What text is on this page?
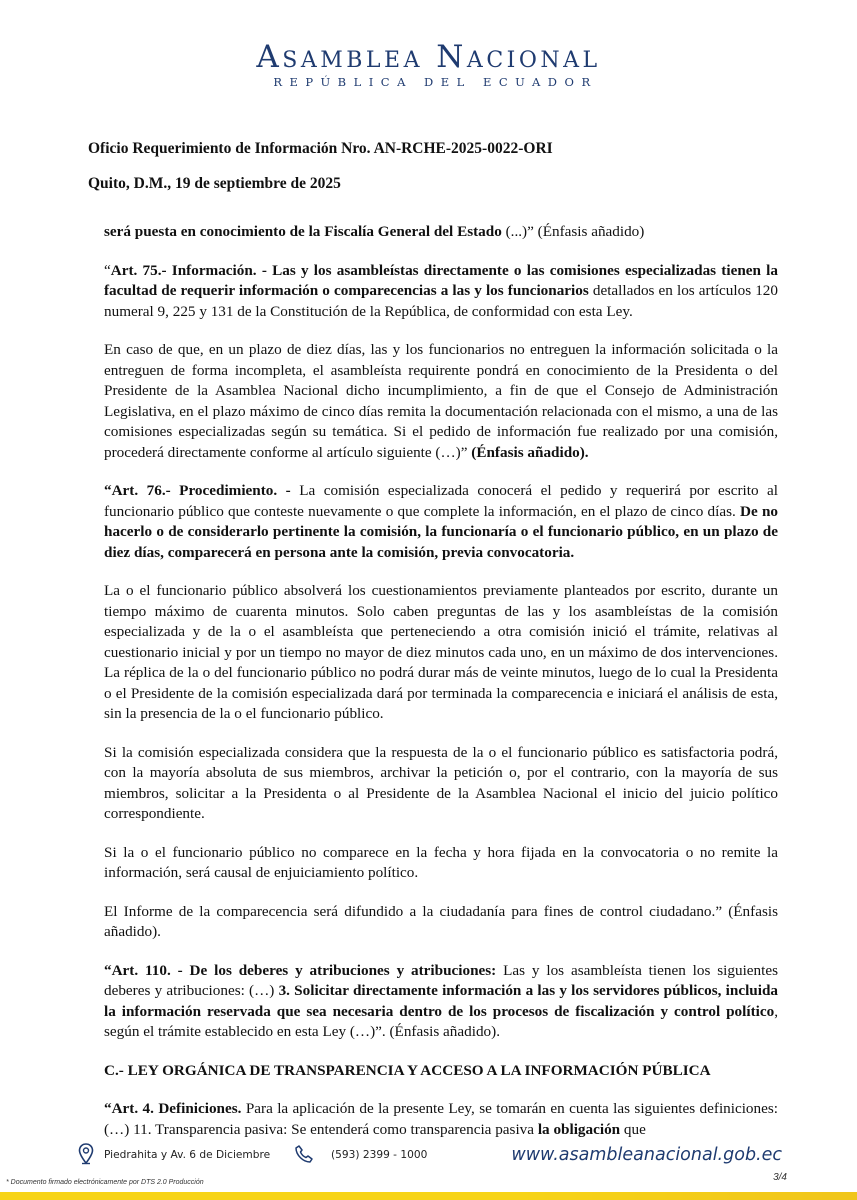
Asamblea Nacional
REPÚBLICA DEL ECUADOR
Oficio Requerimiento de Información Nro. AN-RCHE-2025-0022-ORI
Quito, D.M., 19 de septiembre de 2025

será puesta en conocimiento de la Fiscalía General del Estado (...)” (Énfasis añadido)

“Art. 75.- Información. - Las y los asambleístas directamente o las comisiones especializadas tienen la facultad de requerir información o comparecencias a las y los funcionarios detallados en los artículos 120 numeral 9, 225 y 131 de la Constitución de la República, de conformidad con esta Ley.

En caso de que, en un plazo de diez días, las y los funcionarios no entreguen la información solicitada o la entreguen de forma incompleta, el asambleísta requirente pondrá en conocimiento de la Presidenta o del Presidente de la Asamblea Nacional dicho incumplimiento, a fin de que el Consejo de Administración Legislativa, en el plazo máximo de cinco días remita la documentación relacionada con el mismo, a una de las comisiones especializadas según su temática. Si el pedido de información fue realizado por una comisión, procederá directamente conforme al artículo siguiente (…)” (Énfasis añadido).

“Art. 76.- Procedimiento. - La comisión especializada conocerá el pedido y requerirá por escrito al funcionario público que conteste nuevamente o que complete la información, en el plazo de cinco días. De no hacerlo o de considerarlo pertinente la comisión, la funcionaría o el funcionario público, en un plazo de diez días, comparecerá en persona ante la comisión, previa convocatoria.

La o el funcionario público absolverá los cuestionamientos previamente planteados por escrito, durante un tiempo máximo de cuarenta minutos. Solo caben preguntas de las y los asambleístas de la comisión especializada y de la o el asambleísta que perteneciendo a otra comisión inició el trámite, relativas al cuestionario inicial y por un tiempo no mayor de diez minutos cada uno, en un máximo de dos intervenciones. La réplica de la o del funcionario público no podrá durar más de veinte minutos, luego de lo cual la Presidenta o el Presidente de la comisión especializada dará por terminada la comparecencia e iniciará el análisis de esta, sin la presencia de la o el funcionario público.

Si la comisión especializada considera que la respuesta de la o el funcionario público es satisfactoria podrá, con la mayoría absoluta de sus miembros, archivar la petición o, por el contrario, con la mayoría de sus miembros, solicitar a la Presidenta o al Presidente de la Asamblea Nacional el inicio del juicio político correspondiente.

Si la o el funcionario público no comparece en la fecha y hora fijada en la convocatoria o no remite la información, será causal de enjuiciamiento político.

El Informe de la comparecencia será difundido a la ciudadanía para fines de control ciudadano.” (Énfasis añadido).

“Art. 110. - De los deberes y atribuciones y atribuciones: Las y los asambleísta tienen los siguientes deberes y atribuciones: (…) 3. Solicitar directamente información a las y los servidores públicos, incluida la información reservada que sea necesaria dentro de los procesos de fiscalización y control político, según el trámite establecido en esta Ley (…)”. (Énfasis añadido).

C.- LEY ORGÁNICA DE TRANSPARENCIA Y ACCESO A LA INFORMACIÓN PÚBLICA

“Art. 4. Definiciones. Para la aplicación de la presente Ley, se tomarán en cuenta las siguientes definiciones: (…) 11. Transparencia pasiva: Se entenderá como transparencia pasiva la obligación que

Piedrahita y Av. 6 de Diciembre	(593) 2399 - 1000	www.asambleanacional.gob.ec
3/4
* Documento firmado electrónicamente por DTS 2.0 Producción
